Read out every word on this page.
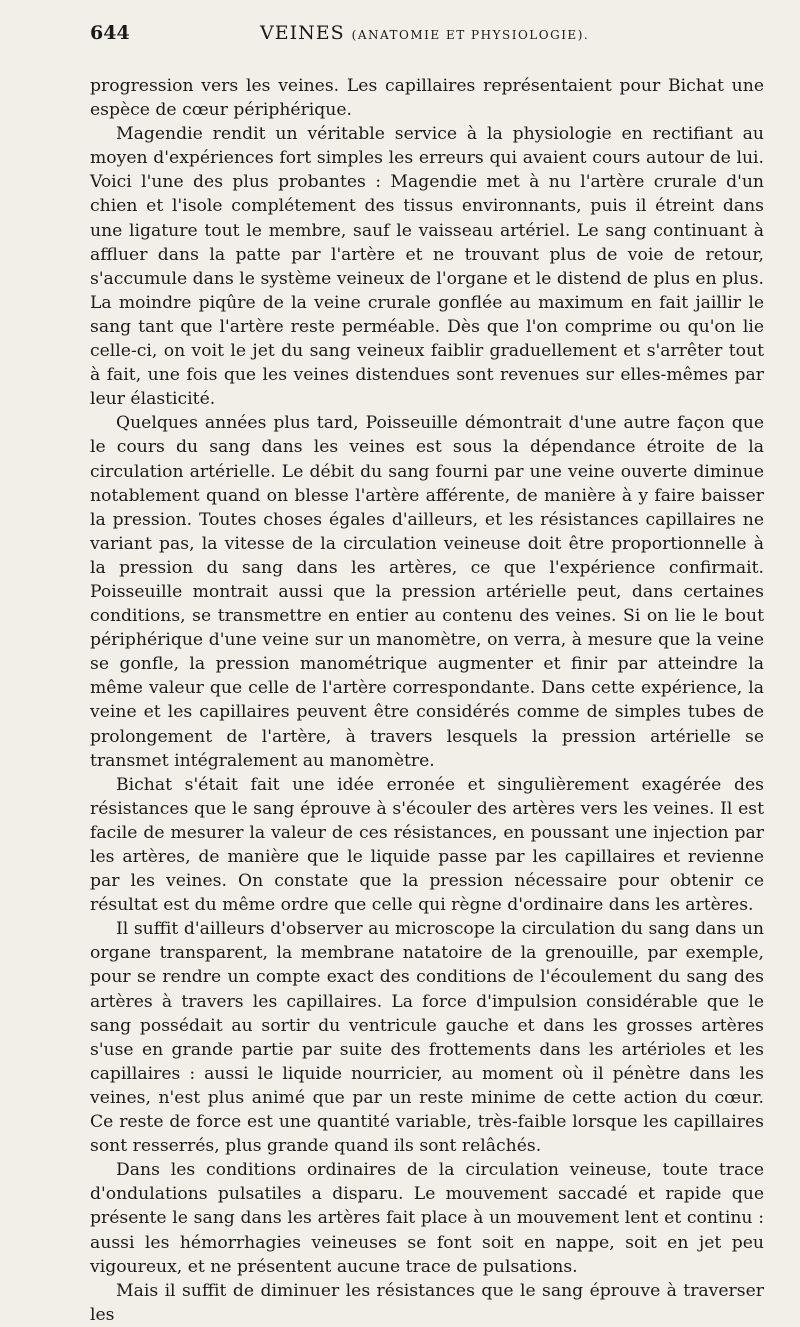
644	VEINES (ANATOMIE ET PHYSIOLOGIE).

progression vers les veines. Les capillaires représentaient pour Bichat une espèce de cœur périphérique.

Magendie rendit un véritable service à la physiologie en rectifiant au moyen d'expériences fort simples les erreurs qui avaient cours autour de lui. Voici l'une des plus probantes : Magendie met à nu l'artère crurale d'un chien et l'isole complétement des tissus environnants, puis il étreint dans une ligature tout le membre, sauf le vaisseau artériel. Le sang continuant à affluer dans la patte par l'artère et ne trouvant plus de voie de retour, s'accumule dans le système veineux de l'organe et le distend de plus en plus. La moindre piqûre de la veine crurale gonflée au maximum en fait jaillir le sang tant que l'artère reste perméable. Dès que l'on comprime ou qu'on lie celle-ci, on voit le jet du sang veineux faiblir graduellement et s'arrêter tout à fait, une fois que les veines distendues sont revenues sur elles-mêmes par leur élasticité.

Quelques années plus tard, Poisseuille démontrait d'une autre façon que le cours du sang dans les veines est sous la dépendance étroite de la circulation artérielle. Le débit du sang fourni par une veine ouverte diminue notablement quand on blesse l'artère afférente, de manière à y faire baisser la pression. Toutes choses égales d'ailleurs, et les résistances capillaires ne variant pas, la vitesse de la circulation veineuse doit être proportionnelle à la pression du sang dans les artères, ce que l'expérience confirmait. Poisseuille montrait aussi que la pression artérielle peut, dans certaines conditions, se transmettre en entier au contenu des veines. Si on lie le bout périphérique d'une veine sur un manomètre, on verra, à mesure que la veine se gonfle, la pression manométrique augmenter et finir par atteindre la même valeur que celle de l'artère correspondante. Dans cette expérience, la veine et les capillaires peuvent être considérés comme de simples tubes de prolongement de l'artère, à travers lesquels la pression artérielle se transmet intégralement au manomètre.

Bichat s'était fait une idée erronée et singulièrement exagérée des résistances que le sang éprouve à s'écouler des artères vers les veines. Il est facile de mesurer la valeur de ces résistances, en poussant une injection par les artères, de manière que le liquide passe par les capillaires et revienne par les veines. On constate que la pression nécessaire pour obtenir ce résultat est du même ordre que celle qui règne d'ordinaire dans les artères.

Il suffit d'ailleurs d'observer au microscope la circulation du sang dans un organe transparent, la membrane natatoire de la grenouille, par exemple, pour se rendre un compte exact des conditions de l'écoulement du sang des artères à travers les capillaires. La force d'impulsion considérable que le sang possédait au sortir du ventricule gauche et dans les grosses artères s'use en grande partie par suite des frottements dans les artérioles et les capillaires : aussi le liquide nourricier, au moment où il pénètre dans les veines, n'est plus animé que par un reste minime de cette action du cœur. Ce reste de force est une quantité variable, très-faible lorsque les capillaires sont resserrés, plus grande quand ils sont relâchés.

Dans les conditions ordinaires de la circulation veineuse, toute trace d'ondulations pulsatiles a disparu. Le mouvement saccadé et rapide que présente le sang dans les artères fait place à un mouvement lent et continu : aussi les hémorrhagies veineuses se font soit en nappe, soit en jet peu vigoureux, et ne présentent aucune trace de pulsations.

Mais il suffit de diminuer les résistances que le sang éprouve à traverser les
